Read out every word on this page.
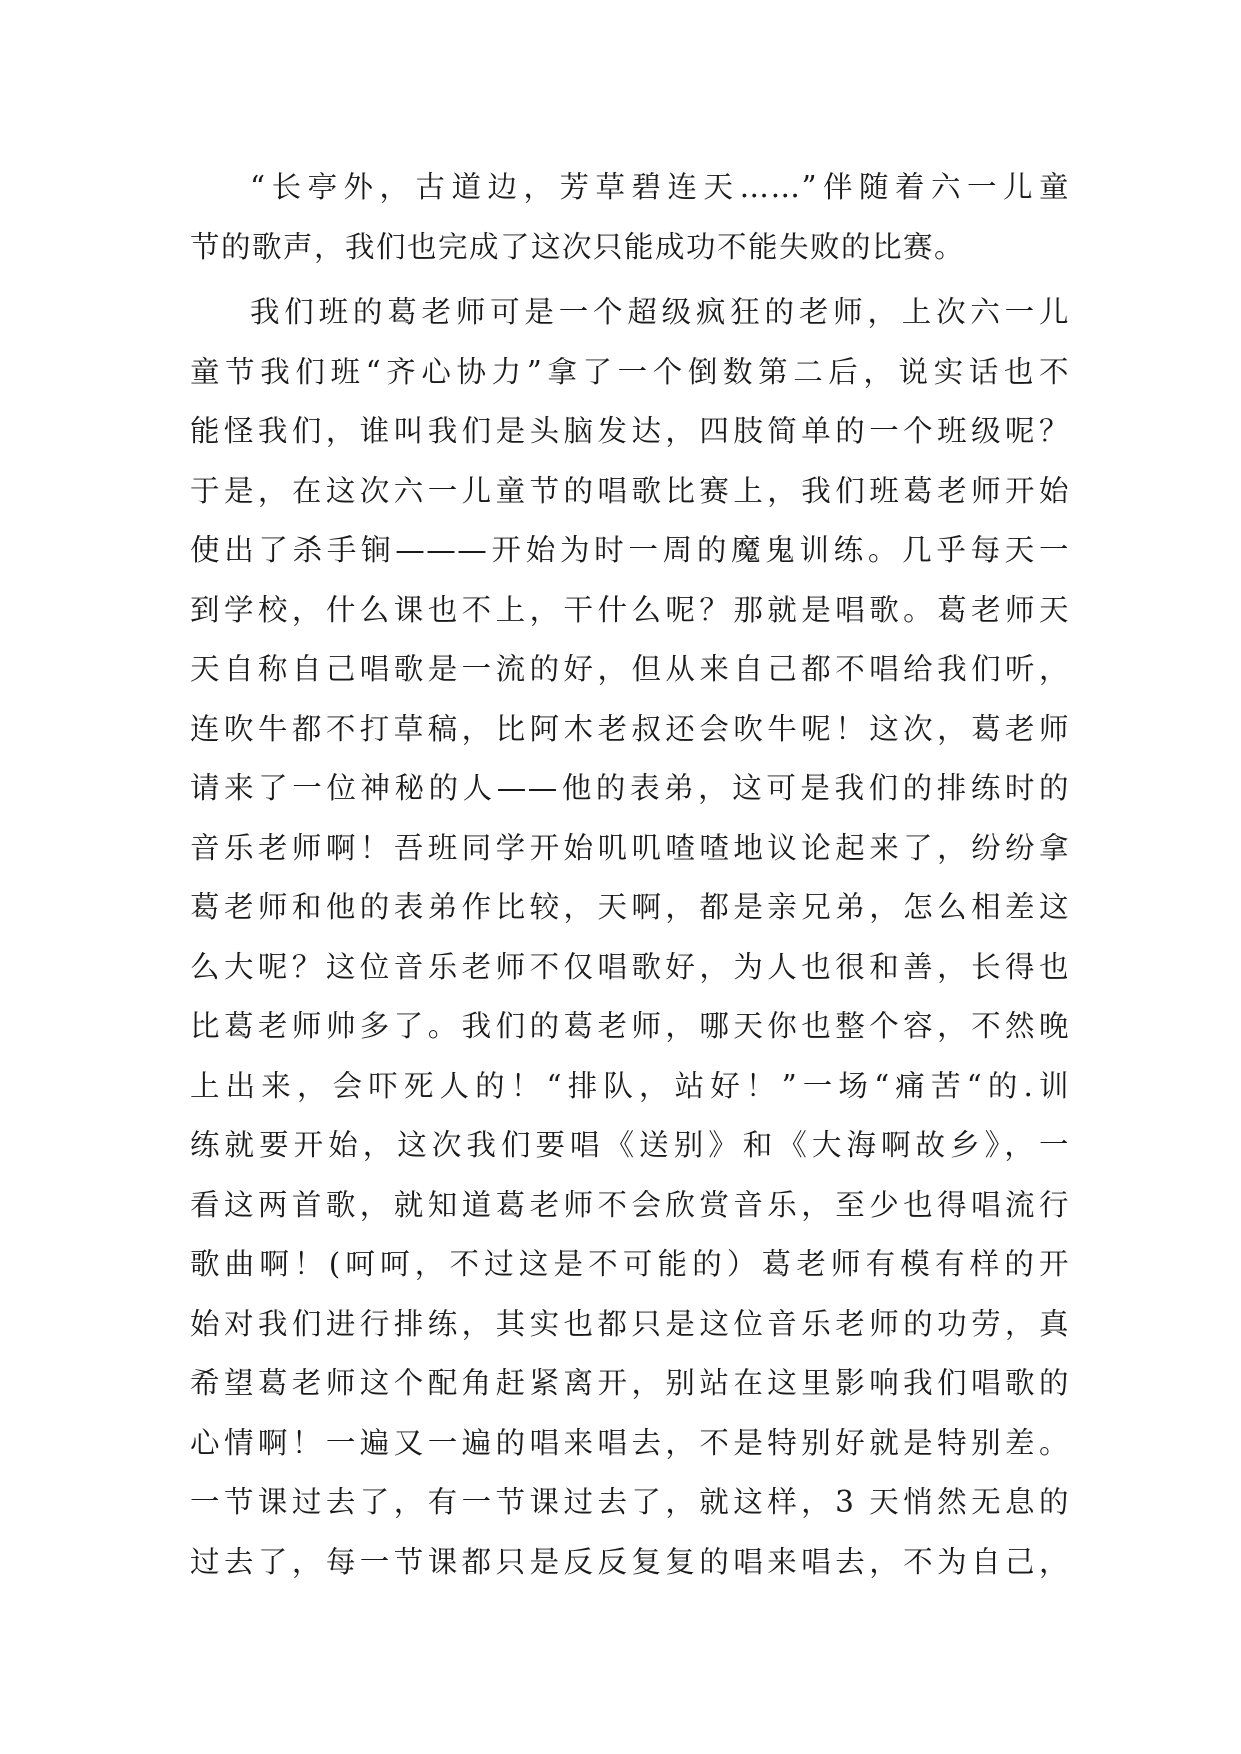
“长亭外，古道边，芳草碧连天……”伴随着六一儿童
节的歌声，我们也完成了这次只能成功不能失败的比赛。
我们班的葛老师可是一个超级疯狂的老师，上次六一儿
童节我们班“齐心协力”拿了一个倒数第二后，说实话也不
能怪我们，谁叫我们是头脑发达，四肢简单的一个班级呢？
于是，在这次六一儿童节的唱歌比赛上，我们班葛老师开始
使出了杀手锏———开始为时一周的魔鬼训练。几乎每天一
到学校，什么课也不上，干什么呢？那就是唱歌。葛老师天
天自称自己唱歌是一流的好，但从来自己都不唱给我们听，
连吹牛都不打草稿，比阿木老叔还会吹牛呢！这次，葛老师
请来了一位神秘的人——他的表弟，这可是我们的排练时的
音乐老师啊！吾班同学开始叽叽喳喳地议论起来了，纷纷拿
葛老师和他的表弟作比较，天啊，都是亲兄弟，怎么相差这
么大呢？这位音乐老师不仅唱歌好，为人也很和善，长得也
比葛老师帅多了。我们的葛老师，哪天你也整个容，不然晚
上出来，会吓死人的！“排队，站好！”一场“痛苦“的.训
练就要开始，这次我们要唱《送别》和《大海啊故乡》，一
看这两首歌，就知道葛老师不会欣赏音乐，至少也得唱流行
歌曲啊！(呵呵，不过这是不可能的）葛老师有模有样的开
始对我们进行排练，其实也都只是这位音乐老师的功劳，真
希望葛老师这个配角赶紧离开，别站在这里影响我们唱歌的
心情啊！一遍又一遍的唱来唱去，不是特别好就是特别差。
一节课过去了，有一节课过去了，就这样，3 天悄然无息的
过去了，每一节课都只是反反复复的唱来唱去，不为自己，
